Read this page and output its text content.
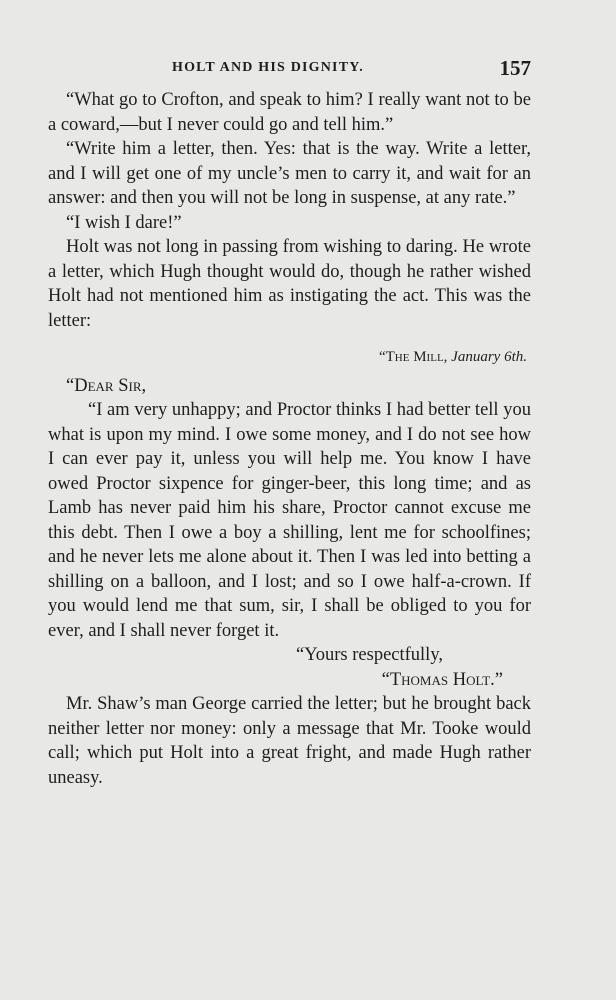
HOLT AND HIS DIGNITY.	157

“What go to Crofton, and speak to him? I really want not to be a coward,—but I never could go and tell him.”

“Write him a letter, then. Yes: that is the way. Write a letter, and I will get one of my uncle’s men to carry it, and wait for an answer: and then you will not be long in suspense, at any rate.”

“I wish I dare!”

Holt was not long in passing from wishing to daring. He wrote a letter, which Hugh thought would do, though he rather wished Holt had not mentioned him as instigating the act. This was the letter:

“The Mill, January 6th.

“Dear Sir,

“I am very unhappy; and Proctor thinks I had better tell you what is upon my mind. I owe some money, and I do not see how I can ever pay it, unless you will help me. You know I have owed Proctor sixpence for ginger-beer, this long time; and as Lamb has never paid him his share, Proctor cannot excuse me this debt. Then I owe a boy a shilling, lent me for schoolfines; and he never lets me alone about it. Then I was led into betting a shilling on a balloon, and I lost; and so I owe half-a-crown. If you would lend me that sum, sir, I shall be obliged to you for ever, and I shall never forget it.

“Yours respectfully,

“Thomas Holt.”

Mr. Shaw’s man George carried the letter; but he brought back neither letter nor money: only a message that Mr. Tooke would call; which put Holt into a great fright, and made Hugh rather uneasy.
